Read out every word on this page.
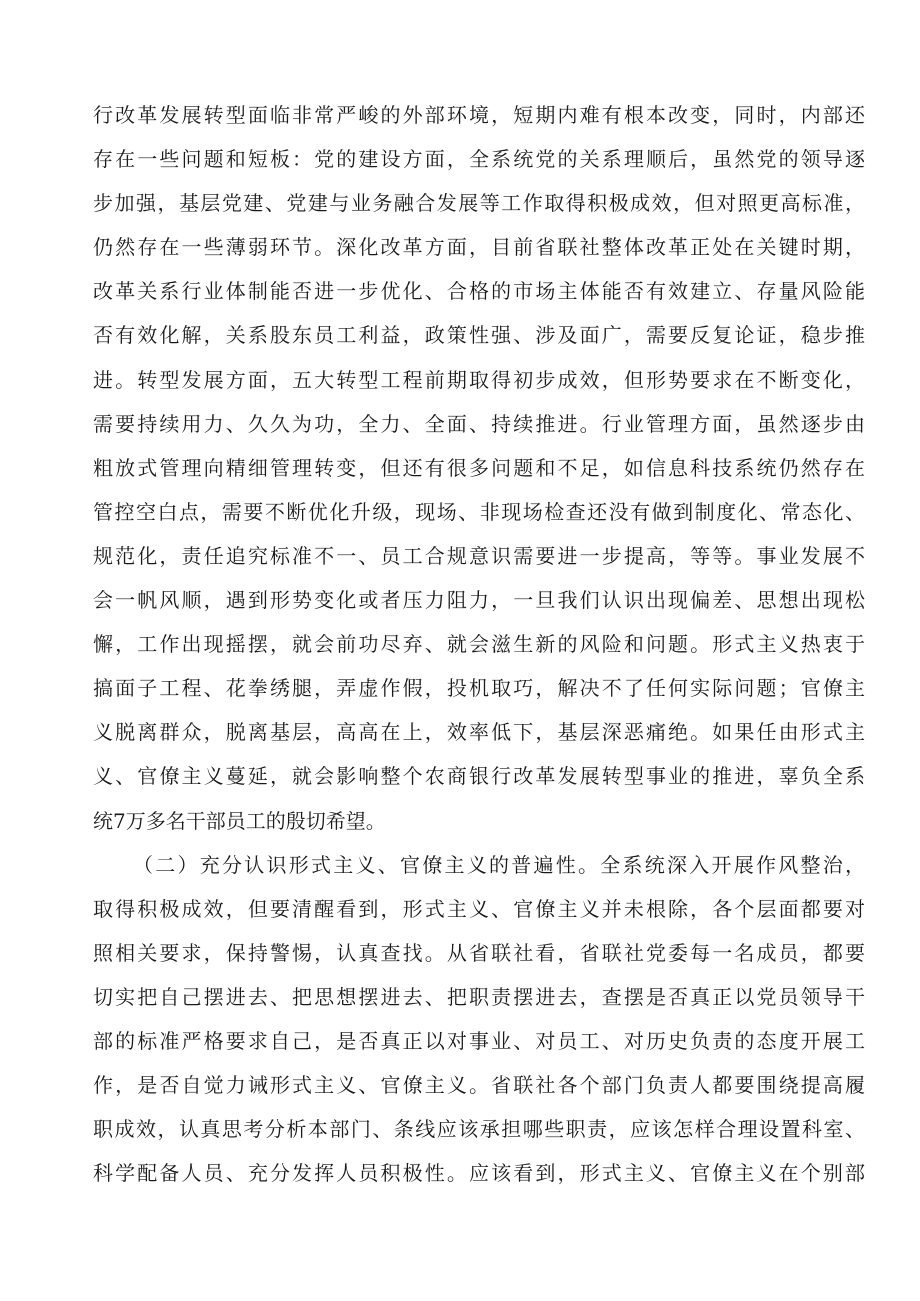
行改革发展转型面临非常严峻的外部环境，短期内难有根本改变，同时，内部还
存在一些问题和短板：党的建设方面，全系统党的关系理顺后，虽然党的领导逐
步加强，基层党建、党建与业务融合发展等工作取得积极成效，但对照更高标准，
仍然存在一些薄弱环节。深化改革方面，目前省联社整体改革正处在关键时期，
改革关系行业体制能否进一步优化、合格的市场主体能否有效建立、存量风险能
否有效化解，关系股东员工利益，政策性强、涉及面广，需要反复论证，稳步推
进。转型发展方面，五大转型工程前期取得初步成效，但形势要求在不断变化，
需要持续用力、久久为功，全力、全面、持续推进。行业管理方面，虽然逐步由
粗放式管理向精细管理转变，但还有很多问题和不足，如信息科技系统仍然存在
管控空白点，需要不断优化升级，现场、非现场检查还没有做到制度化、常态化、
规范化，责任追究标准不一、员工合规意识需要进一步提高，等等。事业发展不
会一帆风顺，遇到形势变化或者压力阻力，一旦我们认识出现偏差、思想出现松
懈，工作出现摇摆，就会前功尽弃、就会滋生新的风险和问题。形式主义热衷于
搞面子工程、花拳绣腿，弄虚作假，投机取巧，解决不了任何实际问题；官僚主
义脱离群众，脱离基层，高高在上，效率低下，基层深恶痛绝。如果任由形式主
义、官僚主义蔓延，就会影响整个农商银行改革发展转型事业的推进，辜负全系
统7万多名干部员工的殷切希望。
（二）充分认识形式主义、官僚主义的普遍性。全系统深入开展作风整治，
取得积极成效，但要清醒看到，形式主义、官僚主义并未根除，各个层面都要对
照相关要求，保持警惕，认真查找。从省联社看，省联社党委每一名成员，都要
切实把自己摆进去、把思想摆进去、把职责摆进去，查摆是否真正以党员领导干
部的标准严格要求自己，是否真正以对事业、对员工、对历史负责的态度开展工
作，是否自觉力诫形式主义、官僚主义。省联社各个部门负责人都要围绕提高履
职成效，认真思考分析本部门、条线应该承担哪些职责，应该怎样合理设置科室、
科学配备人员、充分发挥人员积极性。应该看到，形式主义、官僚主义在个别部
